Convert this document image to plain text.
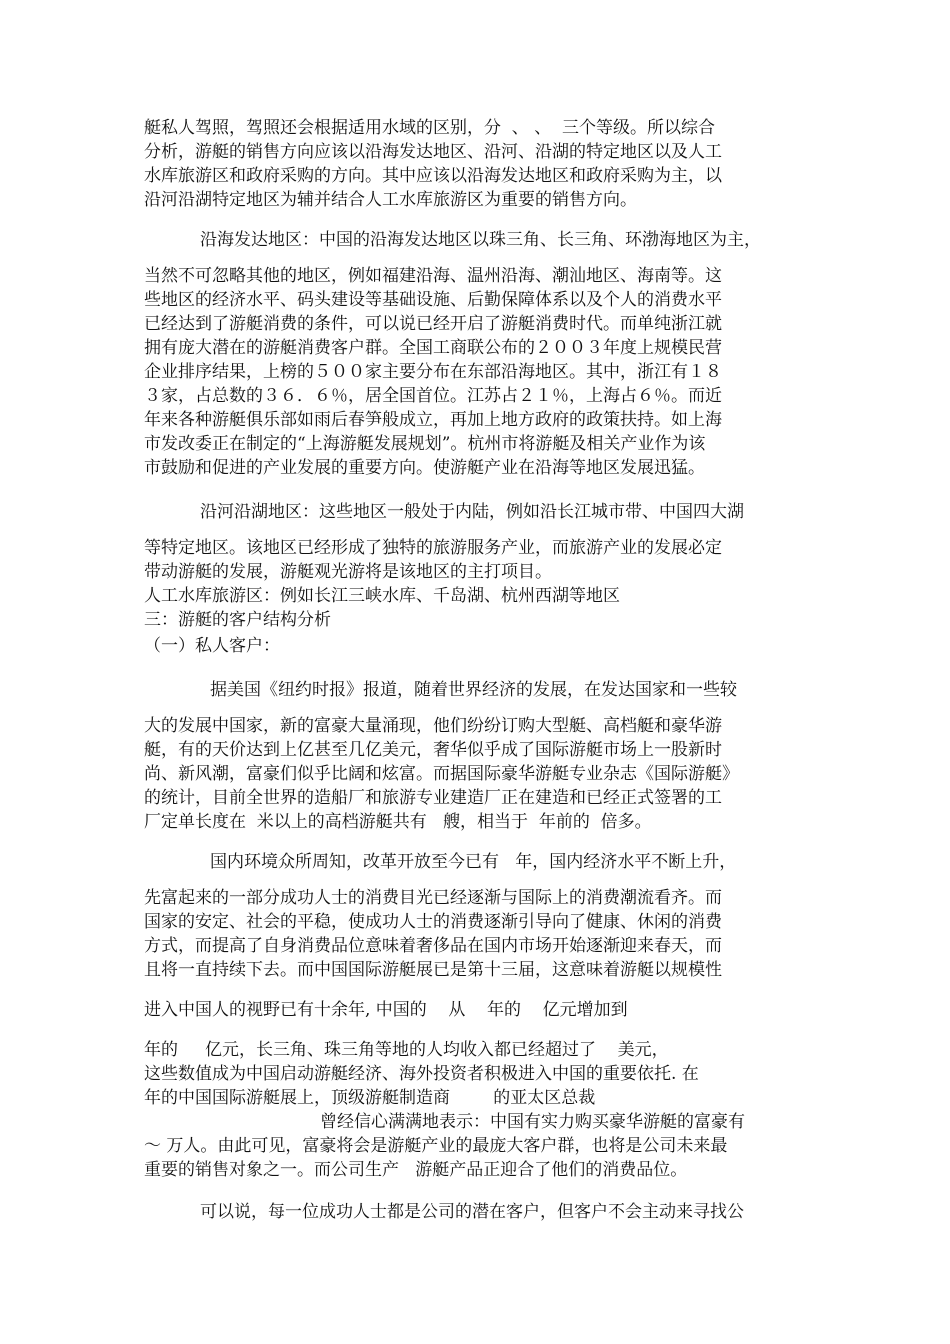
艇私人驾照，驾照还会根据适用水域的区别，分  、 、  三个等级。所以综合
分析，游艇的销售方向应该以沿海发达地区、沿河、沿湖的特定地区以及人工
水库旅游区和政府采购的方向。其中应该以沿海发达地区和政府采购为主，以
沿河沿湖特定地区为辅并结合人工水库旅游区为重要的销售方向。
沿海发达地区：中国的沿海发达地区以珠三角、长三角、环渤海地区为主，
当然不可忽略其他的地区，例如福建沿海、温州沿海、潮汕地区、海南等。这
些地区的经济水平、码头建设等基础设施、后勤保障体系以及个人的消费水平
已经达到了游艇消费的条件，可以说已经开启了游艇消费时代。而单纯浙江就
拥有庞大潜在的游艇消费客户群。全国工商联公布的２００３年度上规模民营
企业排序结果，上榜的５００家主要分布在东部沿海地区。其中，浙江有１８
３家，占总数的３６．６％，居全国首位。江苏占２１％，上海占６％。而近
年来各种游艇俱乐部如雨后春笋般成立，再加上地方政府的政策扶持。如上海
市发改委正在制定的“上海游艇发展规划”。杭州市将游艇及相关产业作为该
市鼓励和促进的产业发展的重要方向。使游艇产业在沿海等地区发展迅猛。
沿河沿湖地区：这些地区一般处于内陆，例如沿长江城市带、中国四大湖
等特定地区。该地区已经形成了独特的旅游服务产业，而旅游产业的发展必定
带动游艇的发展，游艇观光游将是该地区的主打项目。
人工水库旅游区：例如长江三峡水库、千岛湖、杭州西湖等地区
三：游艇的客户结构分析
（一）私人客户：
据美国《纽约时报》报道，随着世界经济的发展，在发达国家和一些较
大的发展中国家，新的富豪大量涌现，他们纷纷订购大型艇、高档艇和豪华游
艇，有的天价达到上亿甚至几亿美元，奢华似乎成了国际游艇市场上一股新时
尚、新风潮，富豪们似乎比阔和炫富。而据国际豪华游艇专业杂志《国际游艇》
的统计，目前全世界的造船厂和旅游专业建造厂正在建造和已经正式签署的工
厂定单长度在  米以上的高档游艇共有   艘，相当于  年前的  倍多。
国内环境众所周知，改革开放至今已有   年，国内经济水平不断上升，
先富起来的一部分成功人士的消费目光已经逐渐与国际上的消费潮流看齐。而
国家的安定、社会的平稳，使成功人士的消费逐渐引导向了健康、休闲的消费
方式，而提高了自身消费品位意味着奢侈品在国内市场开始逐渐迎来春天，而
且将一直持续下去。而中国国际游艇展已是第十三届，这意味着游艇以规模性
进入中国人的视野已有十余年, 中国的    从    年的    亿元增加到
年的     亿元，长三角、珠三角等地的人均收入都已经超过了    美元，
这些数值成为中国启动游艇经济、海外投资者积极进入中国的重要依托. 在
年的中国国际游艇展上，顶级游艇制造商        的亚太区总裁
曾经信心满满地表示：中国有实力购买豪华游艇的富豪有
～ 万人。由此可见，富豪将会是游艇产业的最庞大客户群，也将是公司未来最
重要的销售对象之一。而公司生产   游艇产品正迎合了他们的消费品位。
可以说，每一位成功人士都是公司的潜在客户，但客户不会主动来寻找公
